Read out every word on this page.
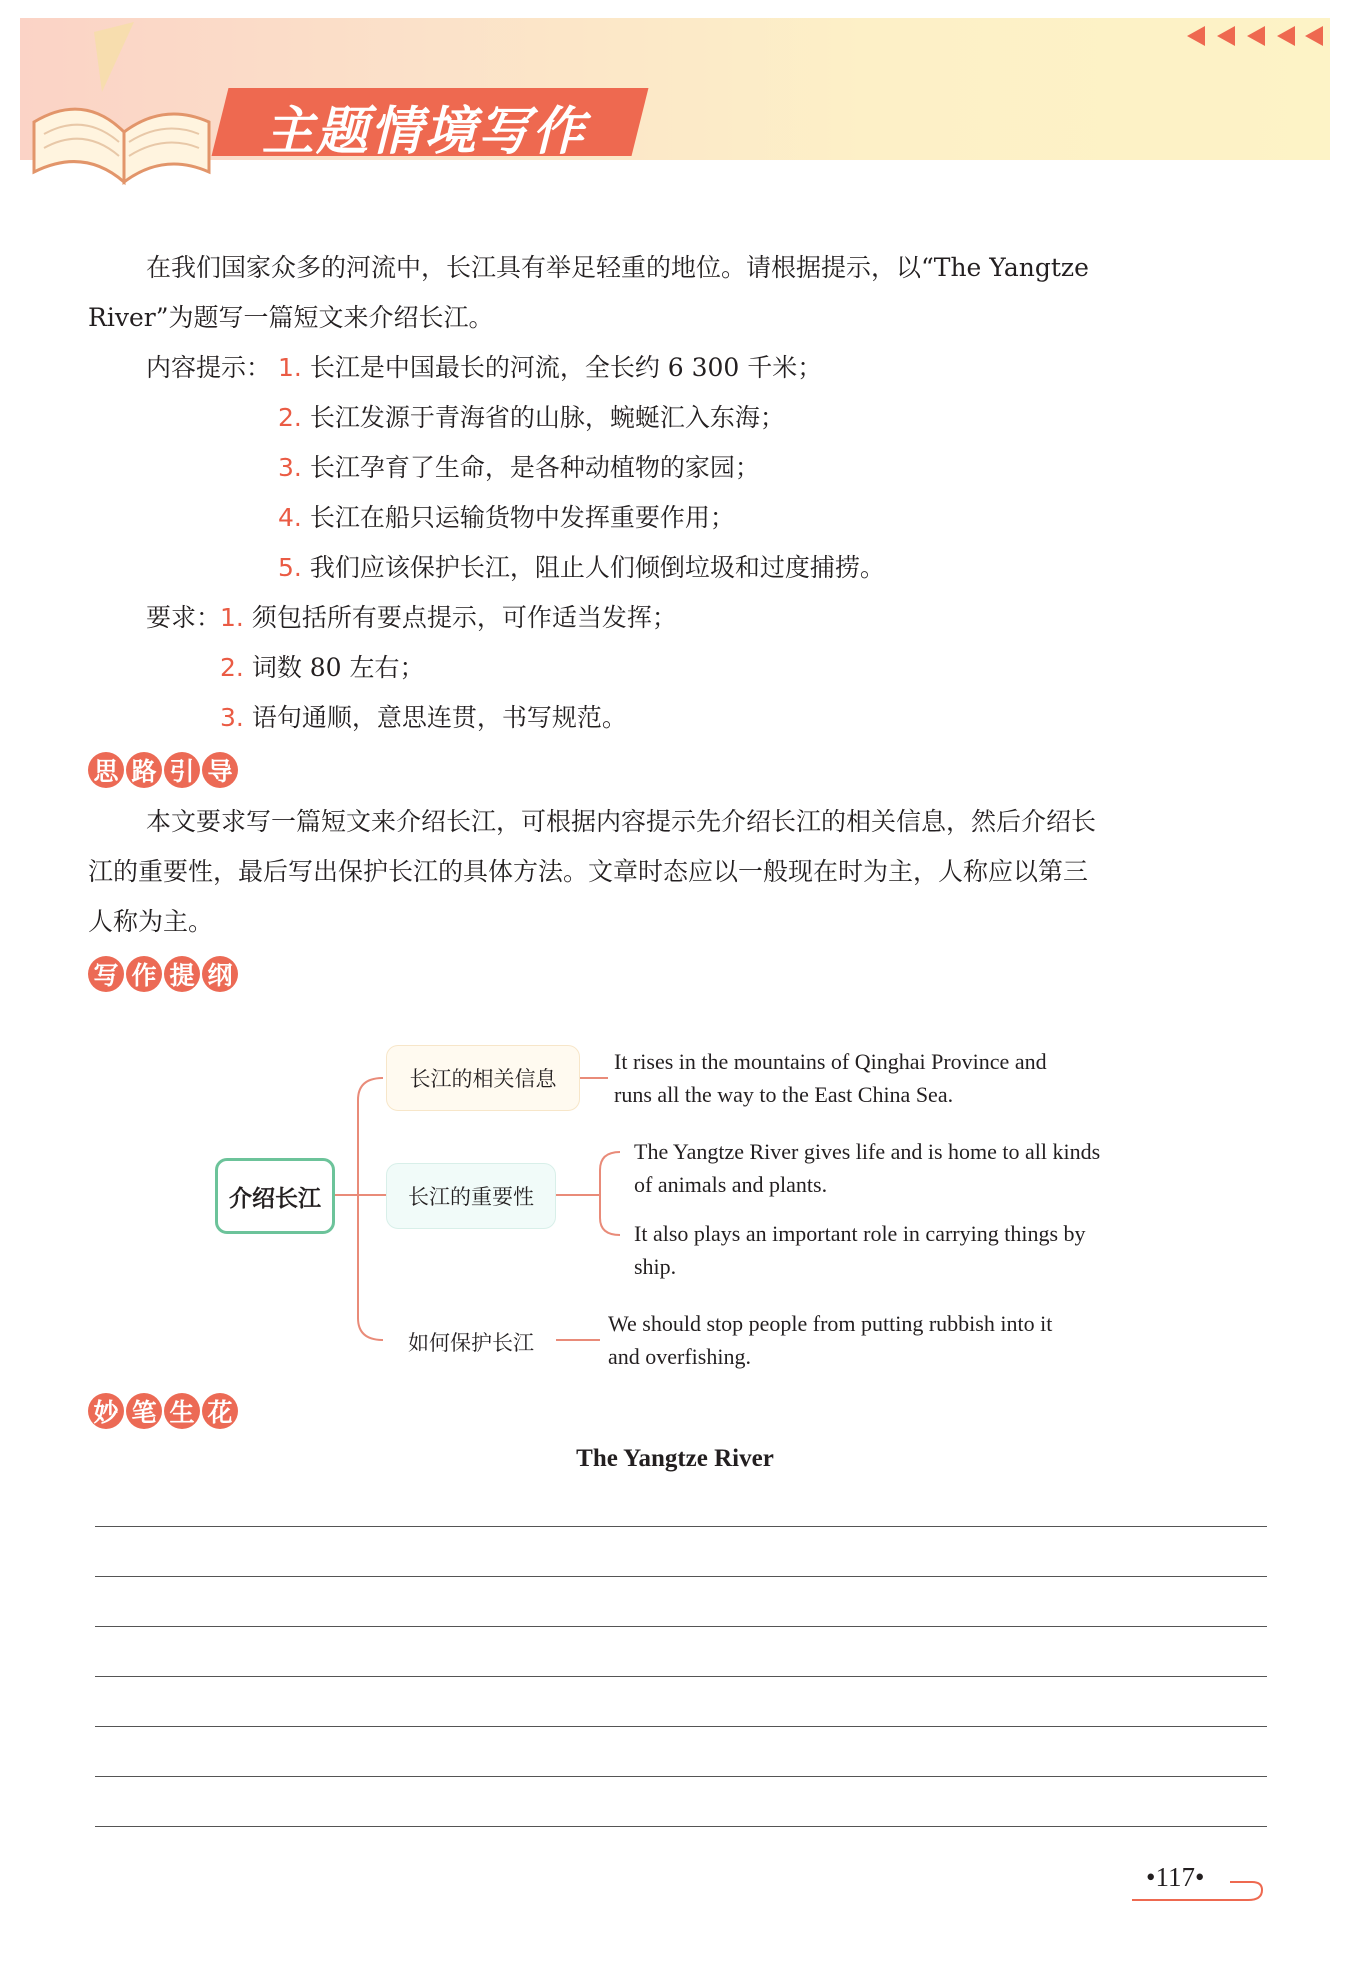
主题情境写作
在我们国家众多的河流中，长江具有举足轻重的地位。请根据提示，以“The Yangtze
River”为题写一篇短文来介绍长江。
内容提示： 1. 长江是中国最长的河流，全长约 6 300 千米；
2. 长江发源于青海省的山脉，蜿蜒汇入东海；
3. 长江孕育了生命，是各种动植物的家园；
4. 长江在船只运输货物中发挥重要作用；
5. 我们应该保护长江，阻止人们倾倒垃圾和过度捕捞。
要求：
1. 须包括所有要点提示，可作适当发挥；
2. 词数 80 左右；
3. 语句通顺，意思连贯，书写规范。
思 路 引 导
本文要求写一篇短文来介绍长江，可根据内容提示先介绍长江的相关信息，然后介绍长
江的重要性，最后写出保护长江的具体方法。文章时态应以一般现在时为主，人称应以第三
人称为主。
写 作 提 纲
介绍长江
长江的相关信息
长江的重要性
如何保护长江
It rises in the mountains of Qinghai Province and
runs all the way to the East China Sea.
The Yangtze River gives life and is home to all kinds
of animals and plants.
It also plays an important role in carrying things by
ship.
We should stop people from putting rubbish into it
and overfishing.
妙 笔 生 花
The Yangtze River
•117•
